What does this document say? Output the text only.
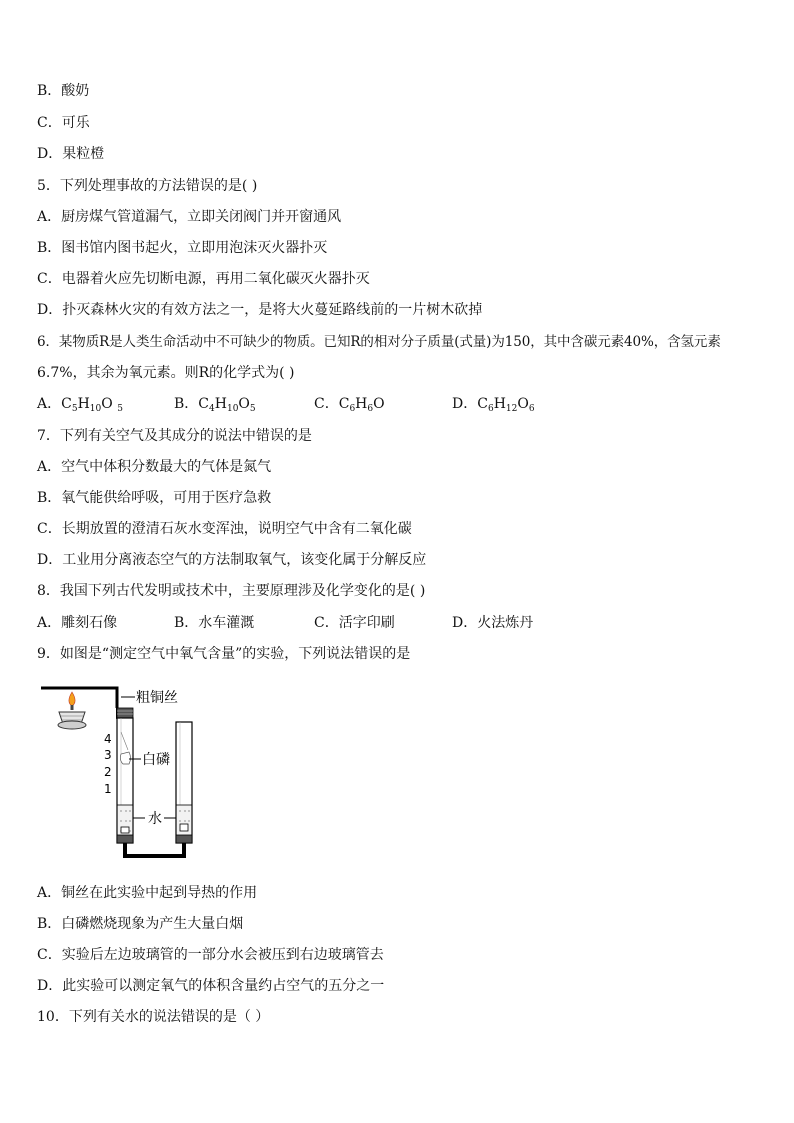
B．酸奶
C．可乐
D．果粒橙
5．下列处理事故的方法错误的是( )
A．厨房煤气管道漏气，立即关闭阀门并开窗通风
B．图书馆内图书起火，立即用泡沫灭火器扑灭
C．电器着火应先切断电源，再用二氧化碳灭火器扑灭
D．扑灭森林火灾的有效方法之一，是将大火蔓延路线前的一片树木砍掉
6．某物质R是人类生命活动中不可缺少的物质。已知R的相对分子质量(式量)为150，其中含碳元素40%，含氢元素
6.7%，其余为氧元素。则R的化学式为( )
A．$C_5H_{10}O$ $_5$	B．$C_4H_{10}O_5$	C．$C_6H_6O$	D．$C_6H_{12}O_6$
7．下列有关空气及其成分的说法中错误的是
A．空气中体积分数最大的气体是氮气
B．氧气能供给呼吸，可用于医疗急救
C．长期放置的澄清石灰水变浑浊，说明空气中含有二氧化碳
D．工业用分离液态空气的方法制取氧气，该变化属于分解反应
8．我国下列古代发明或技术中，主要原理涉及化学变化的是( )
A．雕刻石像	B．水车灌溉	C．活字印刷	D．火法炼丹
9．如图是“测定空气中氧气含量”的实验，下列说法错误的是
4
3
2
1
粗铜丝
白磷
水
A．铜丝在此实验中起到导热的作用
B．白磷燃烧现象为产生大量白烟
C．实验后左边玻璃管的一部分水会被压到右边玻璃管去
D．此实验可以测定氧气的体积含量约占空气的五分之一
10．下列有关水的说法错误的是（ ）
